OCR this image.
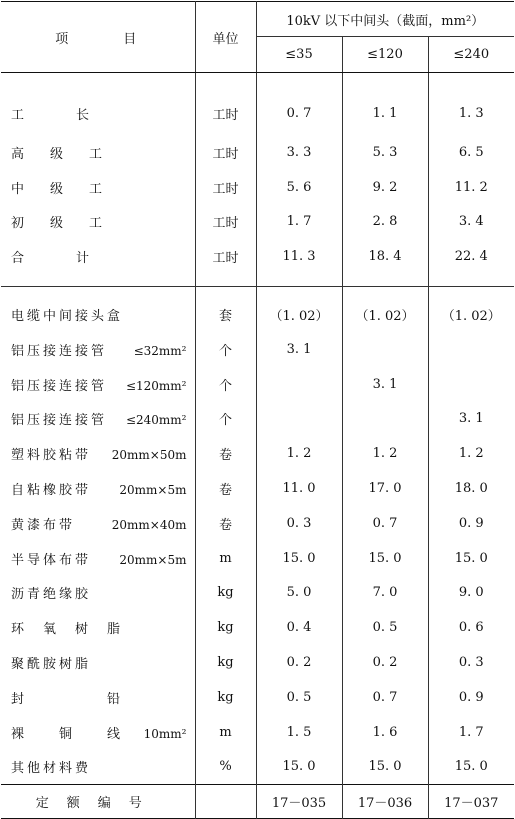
项　　　目	单位	10kV 以下中间头（截面，mm²）		
		≤35	≤120	≤240
工　　　　长	工时	0. 7	1. 1	1. 3
高　　级　　工	工时	3. 3	5. 3	6. 5
中　　级　　工	工时	5. 6	9. 2	11. 2
初　　级　　工	工时	1. 7	2. 8	3. 4
合　　　　计	工时	11. 3	18. 4	22. 4

电缆中间接头盒	套	（1. 02）	（1. 02）	（1. 02）

铝压接连接管 ≤32mm²	个	3. 1		

铝压接连接管 ≤120mm²	个		3. 1	

铝压接连接管 ≤240mm²	个			3. 1

塑料胶粘带 20mm×50m	卷	1. 2	1. 2	1. 2

自粘橡胶带 20mm×5m	卷	11. 0	17. 0	18. 0

黄漆布带 20mm×40m	卷	0. 3	0. 7	0. 9

半导体布带 20mm×5m	m	15. 0	15. 0	15. 0

沥青绝缘胶	kg	5. 0	7. 0	9. 0

环　氧　树　脂	kg	0. 4	0. 5	0. 6

聚酰胺树脂	kg	0. 2	0. 2	0. 3

封　　　　　铅	kg	0. 5	0. 7	0. 9

裸　　铜　　线 10mm²	m	1. 5	1. 6	1. 7

其他材料费	%	15. 0	15. 0	15. 0
定额编号		17－035	17－036	17－037
